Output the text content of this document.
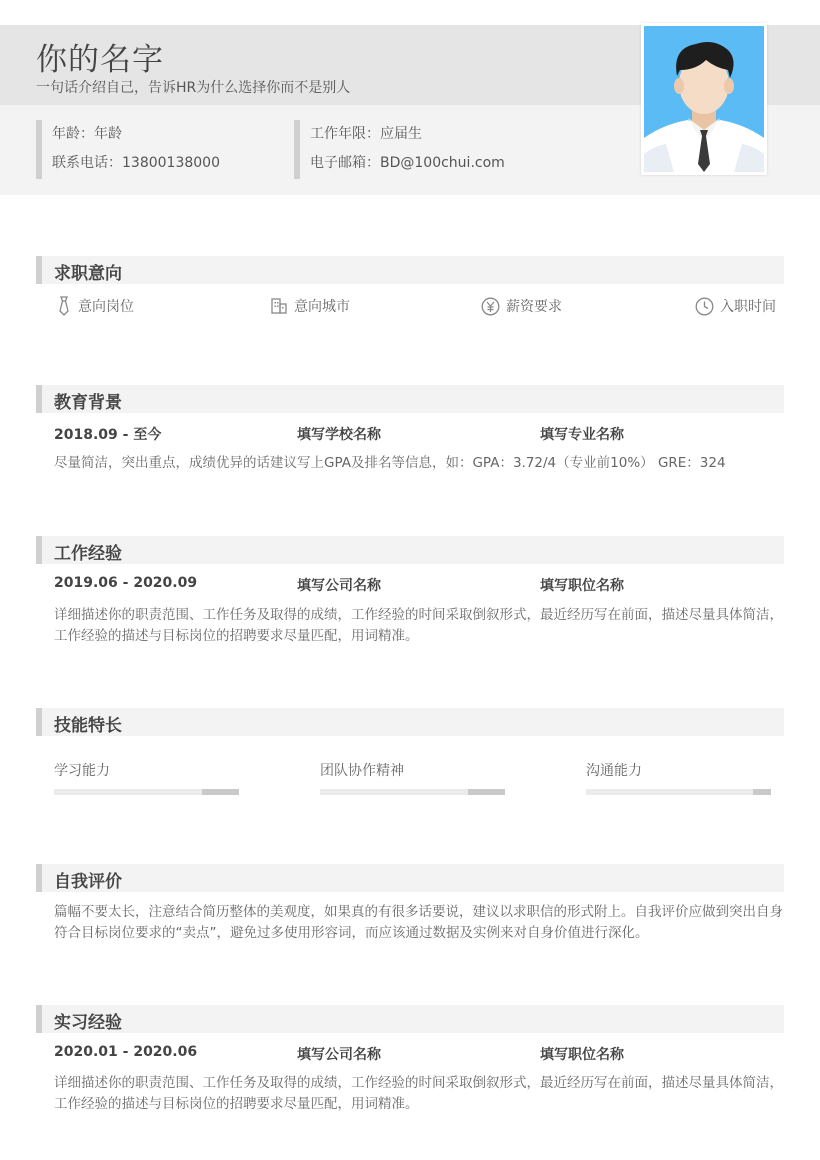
你的名字
一句话介绍自己，告诉HR为什么选择你而不是别人
年龄：年龄
联系电话：13800138000
工作年限：应届生
电子邮箱：BD@100chui.com
求职意向
意向岗位	意向城市	薪资要求	入职时间
教育背景
2018.09 - 至今	填写学校名称	填写专业名称
尽量简洁，突出重点，成绩优异的话建议写上GPA及排名等信息，如：GPA：3.72/4（专业前10%） GRE：324
工作经验
2019.06 - 2020.09	填写公司名称	填写职位名称
详细描述你的职责范围、工作任务及取得的成绩，工作经验的时间采取倒叙形式，最近经历写在前面，描述尽量具体简洁，工作经验的描述与目标岗位的招聘要求尽量匹配，用词精准。
技能特长
学习能力	团队协作精神	沟通能力
自我评价
篇幅不要太长，注意结合简历整体的美观度，如果真的有很多话要说，建议以求职信的形式附上。自我评价应做到突出自身符合目标岗位要求的“卖点”，避免过多使用形容词，而应该通过数据及实例来对自身价值进行深化。
实习经验
2020.01 - 2020.06	填写公司名称	填写职位名称
详细描述你的职责范围、工作任务及取得的成绩，工作经验的时间采取倒叙形式，最近经历写在前面，描述尽量具体简洁，工作经验的描述与目标岗位的招聘要求尽量匹配，用词精准。
